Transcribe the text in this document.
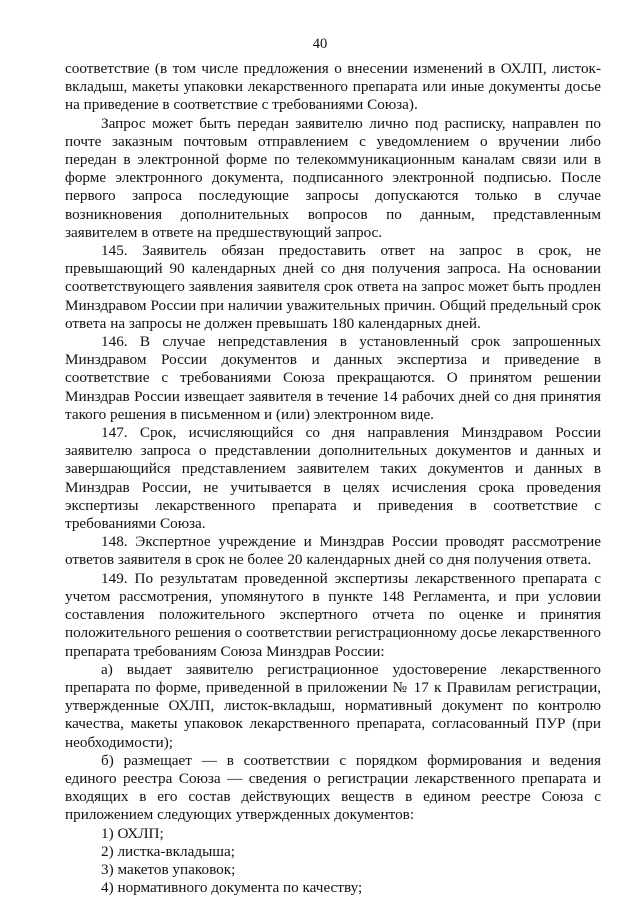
40

соответствие (в том числе предложения о внесении изменений в ОХЛП, листок-вкладыш, макеты упаковки лекарственного препарата или иные документы досье на приведение в соответствие с требованиями Союза).

Запрос может быть передан заявителю лично под расписку, направлен по почте заказным почтовым отправлением с уведомлением о вручении либо передан в электронной форме по телекоммуникационным каналам связи или в форме электронного документа, подписанного электронной подписью. После первого запроса последующие запросы допускаются только в случае возникновения дополнительных вопросов по данным, представленным заявителем в ответе на предшествующий запрос.

145. Заявитель обязан предоставить ответ на запрос в срок, не превышающий 90 календарных дней со дня получения запроса. На основании соответствующего заявления заявителя срок ответа на запрос может быть продлен Минздравом России при наличии уважительных причин. Общий предельный срок ответа на запросы не должен превышать 180 календарных дней.

146. В случае непредставления в установленный срок запрошенных Минздравом России документов и данных экспертиза и приведение в соответствие с требованиями Союза прекращаются. О принятом решении Минздрав России извещает заявителя в течение 14 рабочих дней со дня принятия такого решения в письменном и (или) электронном виде.

147. Срок, исчисляющийся со дня направления Минздравом России заявителю запроса о представлении дополнительных документов и данных и завершающийся представлением заявителем таких документов и данных в Минздрав России, не учитывается в целях исчисления срока проведения экспертизы лекарственного препарата и приведения в соответствие с требованиями Союза.

148. Экспертное учреждение и Минздрав России проводят рассмотрение ответов заявителя в срок не более 20 календарных дней со дня получения ответа.

149. По результатам проведенной экспертизы лекарственного препарата с учетом рассмотрения, упомянутого в пункте 148 Регламента, и при условии составления положительного экспертного отчета по оценке и принятия положительного решения о соответствии регистрационному досье лекарственного препарата требованиям Союза Минздрав России:

а) выдает заявителю регистрационное удостоверение лекарственного препарата по форме, приведенной в приложении № 17 к Правилам регистрации, утвержденные ОХЛП, листок-вкладыш, нормативный документ по контролю качества, макеты упаковок лекарственного препарата, согласованный ПУР (при необходимости);

б) размещает — в соответствии с порядком формирования и ведения единого реестра Союза — сведения о регистрации лекарственного препарата и входящих в его состав действующих веществ в едином реестре Союза с приложением следующих утвержденных документов:

1) ОХЛП;

2) листка-вкладыша;

3) макетов упаковок;

4) нормативного документа по качеству;
